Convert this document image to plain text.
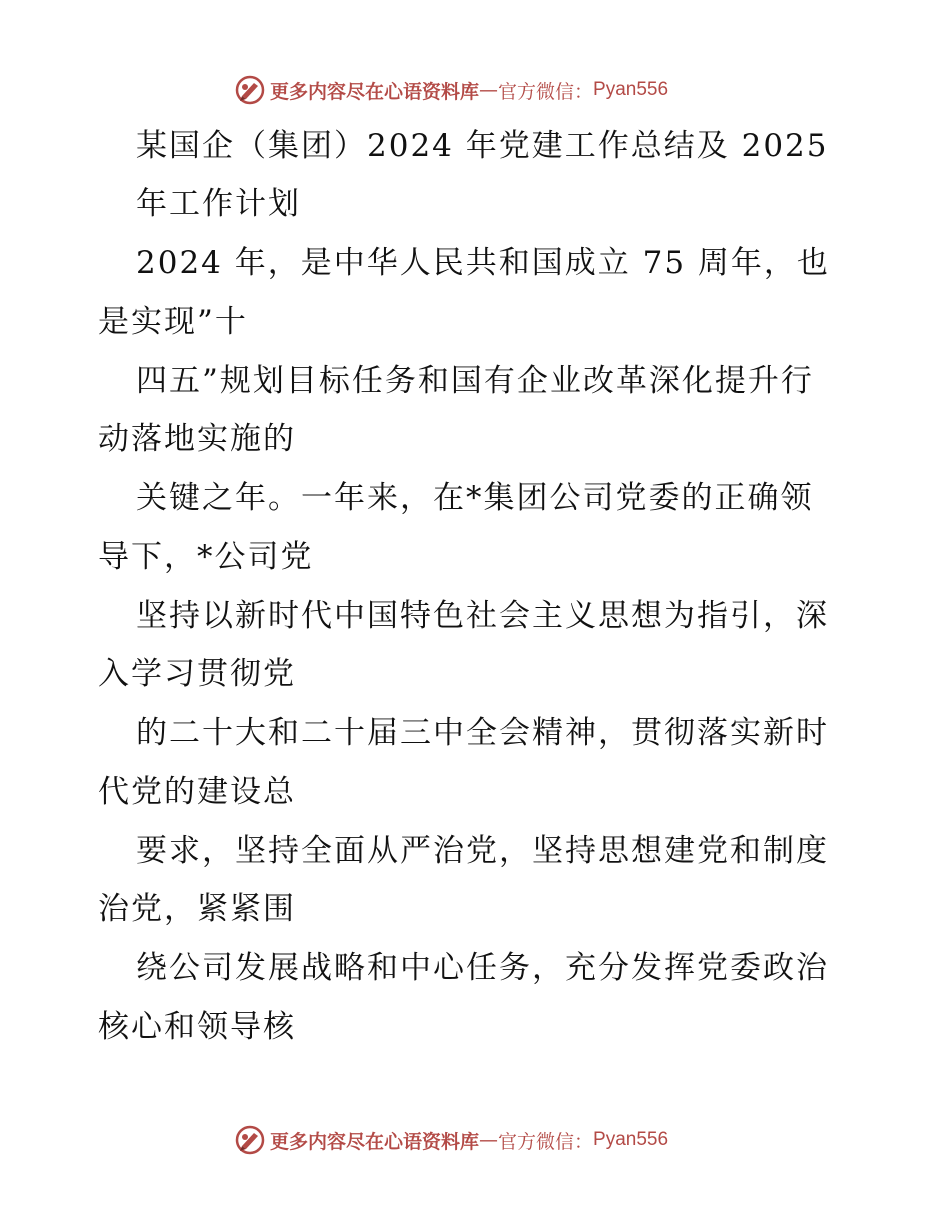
更多内容尽在心语资料库 — 官方微信： Pyan556
某国企（集团）2024 年党建工作总结及 2025
年工作计划
2024 年，是中华人民共和国成立 75 周年，也
是实现”十
四五”规划目标任务和国有企业改革深化提升行
动落地实施的
关键之年。一年来，在*集团公司党委的正确领
导下，*公司党
坚持以新时代中国特色社会主义思想为指引，深
入学习贯彻党
的二十大和二十届三中全会精神，贯彻落实新时
代党的建设总
要求，坚持全面从严治党，坚持思想建党和制度
治党，紧紧围
绕公司发展战略和中心任务，充分发挥党委政治
核心和领导核
更多内容尽在心语资料库 — 官方微信： Pyan556
